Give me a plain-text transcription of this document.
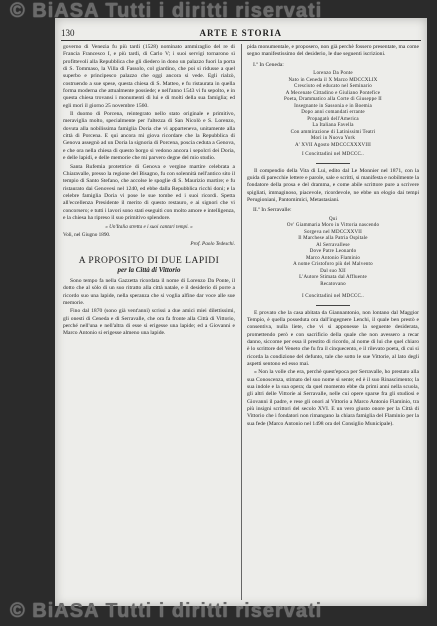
© BiASA Tutti i diritti riservati
130	ARTE E STORIA

governo di Venezia fu più tardi (1528) nominato ammiraglio del re di Francia Francesco I, e più tardi, di Carlo V; i suoi servigi tornarono sì profittevoli alla Repubblica che gli diedero in dono un palazzo fuori la porta di S. Tommaso, la Villa di Fassolo, col giardino, che poi si ridusse a quel superbo e principesco palazzo che oggi ancora si vede. Egli rialzò, costruendo a sue spese, questa chiesa di S. Matteo, e fu ristaurata in quella forma moderna che attualmente possiede; e nell'anno 1543 vi fu sepolto, e in questa chiesa trovansi i monumenti di lui e di molti della sua famiglia; ed egli morì il giorno 25 novembre 1560.

Il duomo di Porcena, reintegrato nello stato originale e primitivo, meraviglia molto, specialmente per l'altezza di San Nicolò e S. Lorenzo, dovuta alla nobilissima famiglia Doria che vi apparteneva, unitamente alla città di Porcena. E qui ancora mi giova ricordare che la Repubblica di Genova assegnò ad un Doria la signoria di Porcena, poscia ceduta a Genova, e che ora nella chiesa di questo borgo si vedono ancora i sepolcri dei Doria, e delle lapidi, e delle memorie che mi parvero degne del mio studio.

Santa Rufemia protettrice di Genova e vergine martire celebrata a Chiaravalle, presso la regione del Bisagno, fu con solennità nell'antico sito il tempio di Santo Stefano, che accolse le spoglie di S. Maurizio martire; e fu ristaurato dai Genovesi nel 1240, ed ebbe dalla Repubblica ricchi doni; e la celebre famiglia Doria vi pose le sue tombe ed i suoi ricordi. Spetta all'eccellenza Presidente il merito di questo restauro, e ai signori che vi concorsero; e tutti i lavori sono stati eseguiti con molto amore e intelligenza, e la chiesa ha ripreso il suo primitivo splendore.

« Un'Italia stretta e i suoi cantari tempi. »

Voli, nel Giugno 1890.

Prof. Paolo Tedeschi.

A PROPOSITO DI DUE LAPIDI
per la Città di Vittorio

Sono tempo fa nella Gazzetta ricordata il nome di Lorenzo Da Ponte, il dotto che al sòlo di un suo ritratto alla città natale, e il desiderio di porre a ricordo suo una lapide, nella speranza che si voglia alfine dar voce alle sue memorie.

Fino dal 1870 (sono già vent'anni) scrissi a due amici miei dilettissimi, gli onesti di Ceneda e di Serravalle, che ora fa fronte alla Città di Vittorio, perché nell'una e nell'altra di esse si erigesse una lapide; ed a Giovanni e Marco Antonio si erigesse almeno una lapide.

pida monumentale, e proposero, non già perchè fossero presentate, ma come segno manifestissimo del desiderio, le due seguenti iscrizioni.

I.º In Ceneda:

Lorenzo Da Ponte

Nato in Ceneda il X Marzo MDCCXLIX

Cresciuto ed educato nel Seminario

A Mecenate Cittadino e Giuliano Pontefice

Poeta, Drammatico alla Corte di Giuseppe II

Insegnante in Sassonia e in Boemia

Dopo anni comandati errante

Propagatò dell'America

La Italiana Favella

Con ammirazione di Latinissimi Teatri

Morì in Nuova York

A' XVII Agosto MDCCCXXXVIII

I Concittadini nel MDCCC..

Il compendio della Vita di Lui, edito dal Le Monnier nel 1871, con la guida di parecchie lettere e parole, sale e scritti, si manifesta e nobilmente la fondatore della prosa e del dramma, e come abile scrittore pure a scrivere spigliati, immaginoso, piacevole, ricordevole, ne ebbe un elogio dai tempi Perugioniani, Pantomimici, Metastasiani.

II.º In Serravalle:

Qui

Ov' Giammaria Moro in Vittoria nascendo

Sorgeva nel MDCCXXVII

Il Marchese alla Patria Ospitale

Al Serravallese

Dove Patre Leonardo

Marco Antonio Flaminio

A nome Cristoforo più del Malvento

Dal suo XII

L'Autore Stimata dal Affluente

Recatovano

I Concittadini nel MDCCC..

E provato che la casa abitata da Giannantonio, non lontano dal Maggior Tempio, è quella posseduta ora dall'ingegnere Lenchi, il quale ben prestò e consentiva, nulla liete, che vi si apponesse la seguente desiderata, promettendo però e con sacrificio della quale che non avessero a recar danno, siccome per essa il prestito di ricordo, al nome di lui che quel chiaro è lo scrittore del Veneto che fu fra il cinquecento, e il rilevato poeta, di cui si ricorda la condizione del defunto, tale che sotto le sue Vittorie, al lato degli aspetti sentono ed esso mai.

« Non la volle che era, perchè quest'epoca per Serravalle, ho prestato alla sua Conoscenza, stimato del suo nome si sente; ed è il suo Rinascimento; la sua indole e la sua opera; da quel momento ebbe da primi anni nella scuola, gli altri delle Vittorie ai Serravalle, nelle cui opere sparse fra gli studiosi e Giovanni il padre, e rese gli onori al Vittorio a Marco Antonio Flaminio, tra più insigni scrittori del secolo XVI. E un vero giusto onore per la Città di Vittorio che i fondatori non rimangano la chiara famiglia del Flaminio per la sua fede (Marco Antonio nel 1498 ora del Consiglio Municipale).

© BiASA Tutti i diritti riservati
